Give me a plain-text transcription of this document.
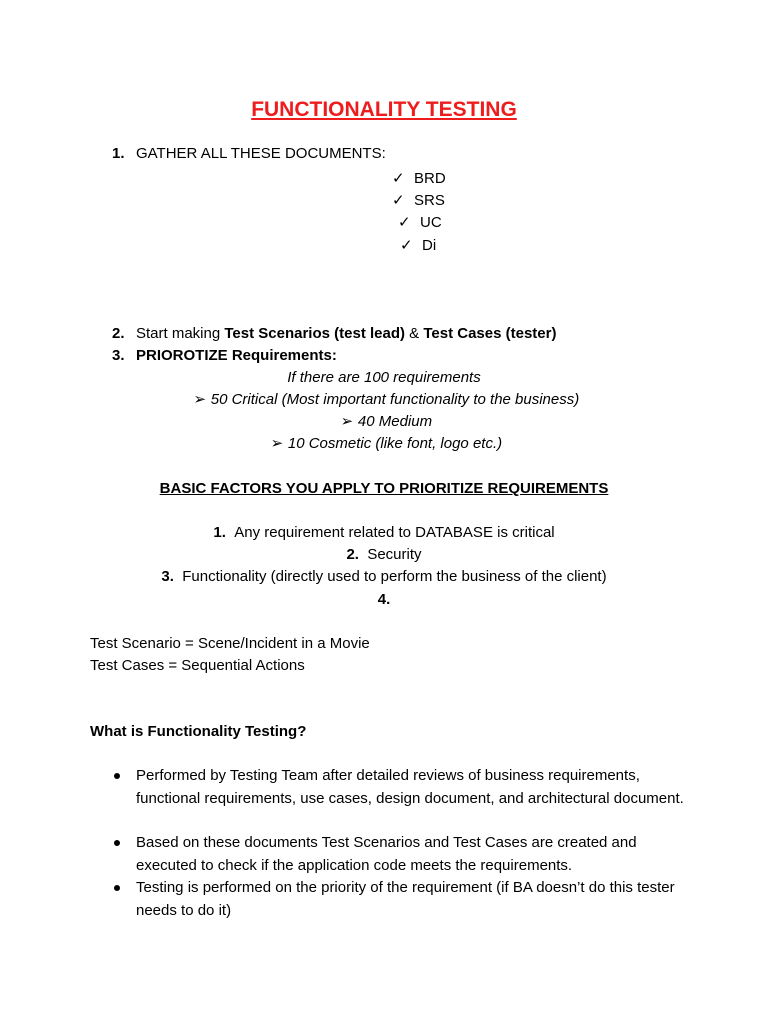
FUNCTIONALITY TESTING
1. GATHER ALL THESE DOCUMENTS:
✓ BRD
✓ SRS
✓ UC
✓ Di
2. Start making Test Scenarios (test lead) & Test Cases (tester)
3. PRIOROTIZE Requirements:
If there are 100 requirements
➢ 50 Critical (Most important functionality to the business)
➢ 40 Medium
➢ 10 Cosmetic (like font, logo etc.)
BASIC FACTORS YOU APPLY TO PRIORITIZE REQUIREMENTS
1. Any requirement related to DATABASE is critical
2. Security
3. Functionality (directly used to perform the business of the client)
4.
Test Scenario = Scene/Incident in a Movie
Test Cases = Sequential Actions
What is Functionality Testing?
Performed by Testing Team after detailed reviews of business requirements, functional requirements, use cases, design document, and architectural document.
Based on these documents Test Scenarios and Test Cases are created and executed to check if the application code meets the requirements.
Testing is performed on the priority of the requirement (if BA doesn’t do this tester needs to do it)
